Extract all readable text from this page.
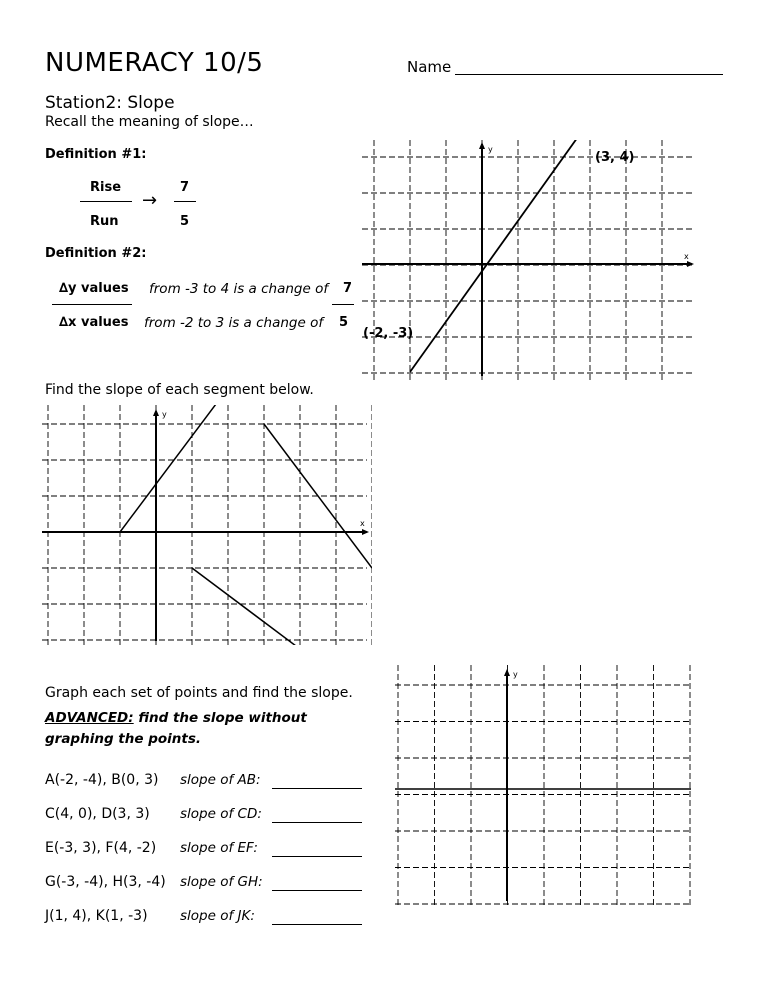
NUMERACY 10/5	Name
Station2: Slope
Recall the meaning of slope…
Definition #1:
Rise
Run
→
7
5
Definition #2:
∆y values
∆x values
from -3 to 4 is a change of 7
from -2 to 3 is a change of 5
y
x
(3, 4)
(-2, -3)
Find the slope of each segment below.
y
x
Graph each set of points and find the slope.
ADVANCED: find the slope without graphing the points.
A(-2, -4), B(0, 3) slope of AB:
C(4, 0), D(3, 3) slope of CD:
E(-3, 3), F(4, -2) slope of EF:
G(-3, -4), H(3, -4) slope of GH:
J(1, 4), K(1, -3) slope of JK:
y
